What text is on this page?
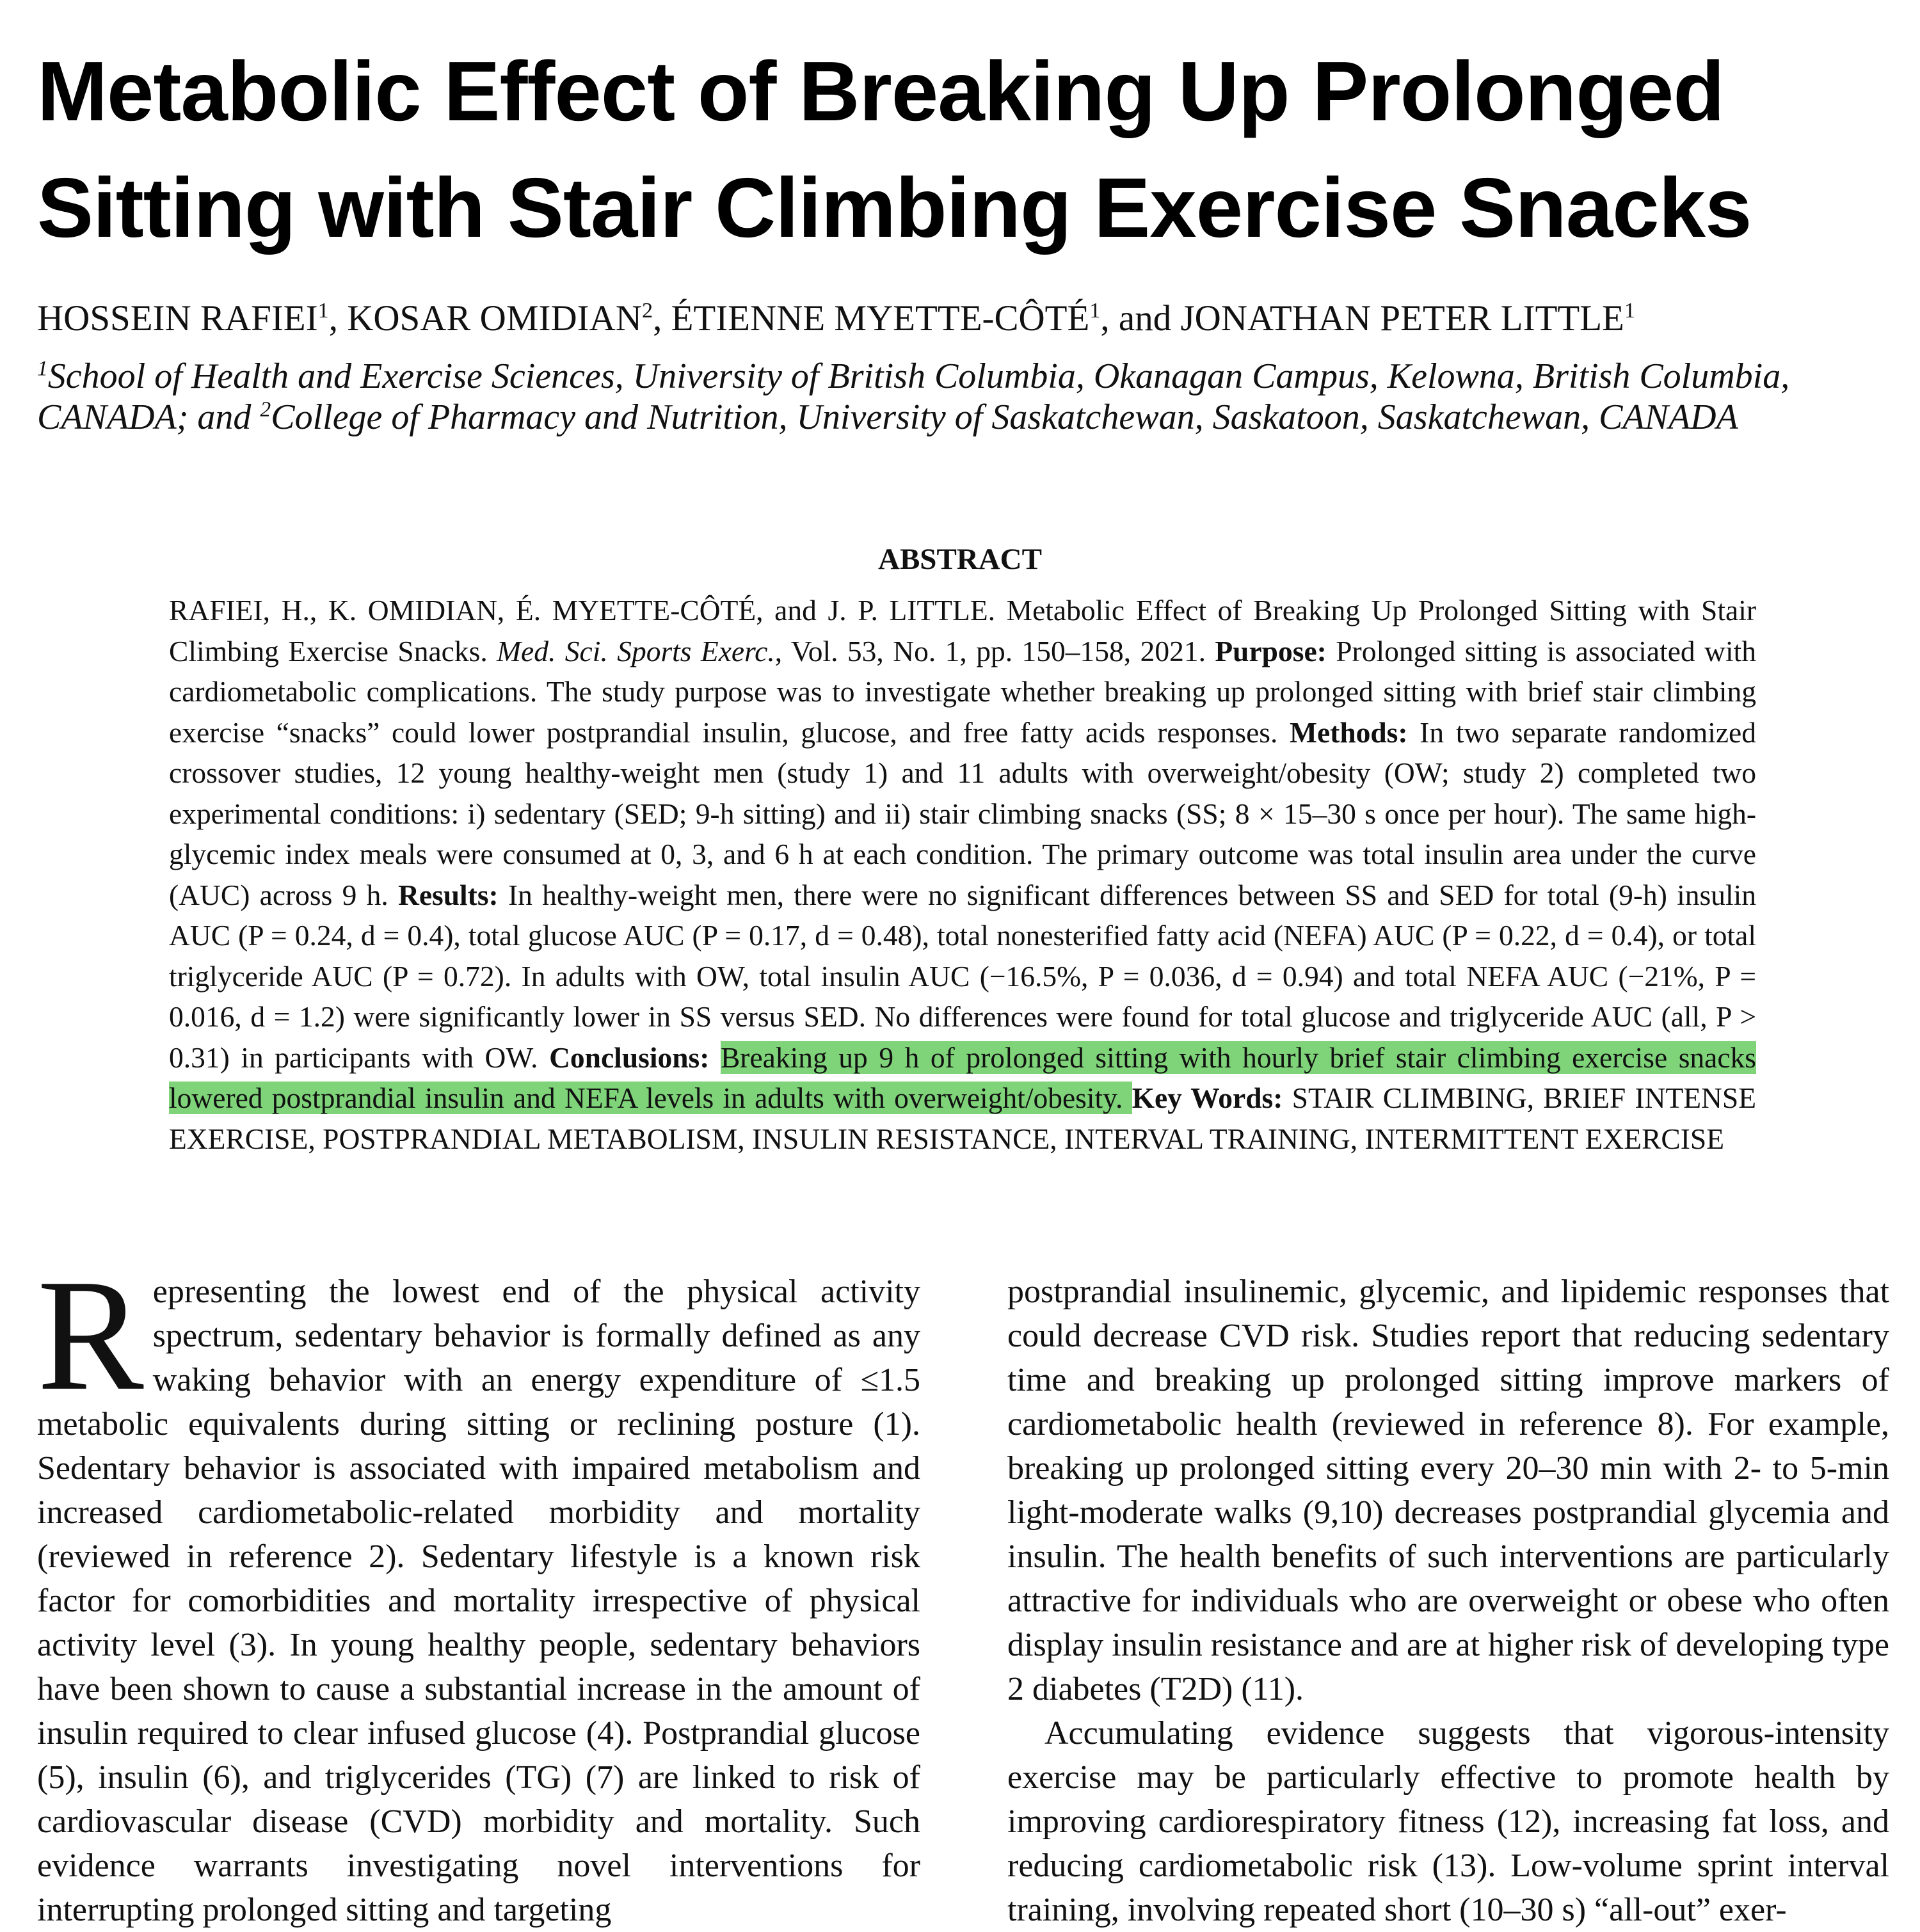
Metabolic Effect of Breaking Up Prolonged
Sitting with Stair Climbing Exercise Snacks

HOSSEIN RAFIEI$^1$, KOSAR OMIDIAN$^2$, ÉTIENNE MYETTE-CÔTÉ$^1$, and JONATHAN PETER LITTLE$^1$

$^1$School of Health and Exercise Sciences, University of British Columbia, Okanagan Campus, Kelowna, British Columbia, CANADA; and $^2$College of Pharmacy and Nutrition, University of Saskatchewan, Saskatoon, Saskatchewan, CANADA

ABSTRACT

RAFIEI, H., K. OMIDIAN, É. MYETTE-CÔTÉ, and J. P. LITTLE. Metabolic Effect of Breaking Up Prolonged Sitting with Stair Climbing Exercise Snacks. Med. Sci. Sports Exerc., Vol. 53, No. 1, pp. 150–158, 2021. Purpose: Prolonged sitting is associated with cardiometabolic complications. The study purpose was to investigate whether breaking up prolonged sitting with brief stair climbing exercise “snacks” could lower postprandial insulin, glucose, and free fatty acids responses. Methods: In two separate randomized crossover studies, 12 young healthy-weight men (study 1) and 11 adults with overweight/obesity (OW; study 2) completed two experimental conditions: i) sedentary (SED; 9-h sitting) and ii) stair climbing snacks (SS; 8 × 15–30 s once per hour). The same high-glycemic index meals were consumed at 0, 3, and 6 h at each condition. The primary outcome was total insulin area under the curve (AUC) across 9 h. Results: In healthy-weight men, there were no significant differences between SS and SED for total (9-h) insulin AUC (P = 0.24, d = 0.4), total glucose AUC (P = 0.17, d = 0.48), total nonesterified fatty acid (NEFA) AUC (P = 0.22, d = 0.4), or total triglyceride AUC (P = 0.72). In adults with OW, total insulin AUC (−16.5%, P = 0.036, d = 0.94) and total NEFA AUC (−21%, P = 0.016, d = 1.2) were significantly lower in SS versus SED. No differences were found for total glucose and triglyceride AUC (all, P > 0.31) in participants with OW. Conclusions: Breaking up 9 h of prolonged sitting with hourly brief stair climbing exercise snacks lowered postprandial insulin and NEFA levels in adults with overweight/obesity. Key Words: STAIR CLIMBING, BRIEF INTENSE EXERCISE, POSTPRANDIAL METABOLISM, INSULIN RESISTANCE, INTERVAL TRAINING, INTERMITTENT EXERCISE

Representing the lowest end of the physical activity spectrum, sedentary behavior is formally defined as any waking behavior with an energy expenditure of ≤1.5 metabolic equivalents during sitting or reclining posture (1). Sedentary behavior is associated with impaired metabolism and increased cardiometabolic-related morbidity and mortality (reviewed in reference 2). Sedentary lifestyle is a known risk factor for comorbidities and mortality irrespective of physical activity level (3). In young healthy people, sedentary behaviors have been shown to cause a substantial increase in the amount of insulin required to clear infused glucose (4). Postprandial glucose (5), insulin (6), and triglycerides (TG) (7) are linked to risk of cardiovascular disease (CVD) morbidity and mortality. Such evidence warrants investigating novel interventions for interrupting prolonged sitting and targeting

postprandial insulinemic, glycemic, and lipidemic responses that could decrease CVD risk. Studies report that reducing sedentary time and breaking up prolonged sitting improve markers of cardiometabolic health (reviewed in reference 8). For example, breaking up prolonged sitting every 20–30 min with 2- to 5-min light-moderate walks (9,10) decreases postprandial glycemia and insulin. The health benefits of such interventions are particularly attractive for individuals who are overweight or obese who often display insulin resistance and are at higher risk of developing type 2 diabetes (T2D) (11).

Accumulating evidence suggests that vigorous-intensity exercise may be particularly effective to promote health by improving cardiorespiratory fitness (12), increasing fat loss, and reducing cardiometabolic risk (13). Low-volume sprint interval training, involving repeated short (10–30 s) “all-out” exer-
